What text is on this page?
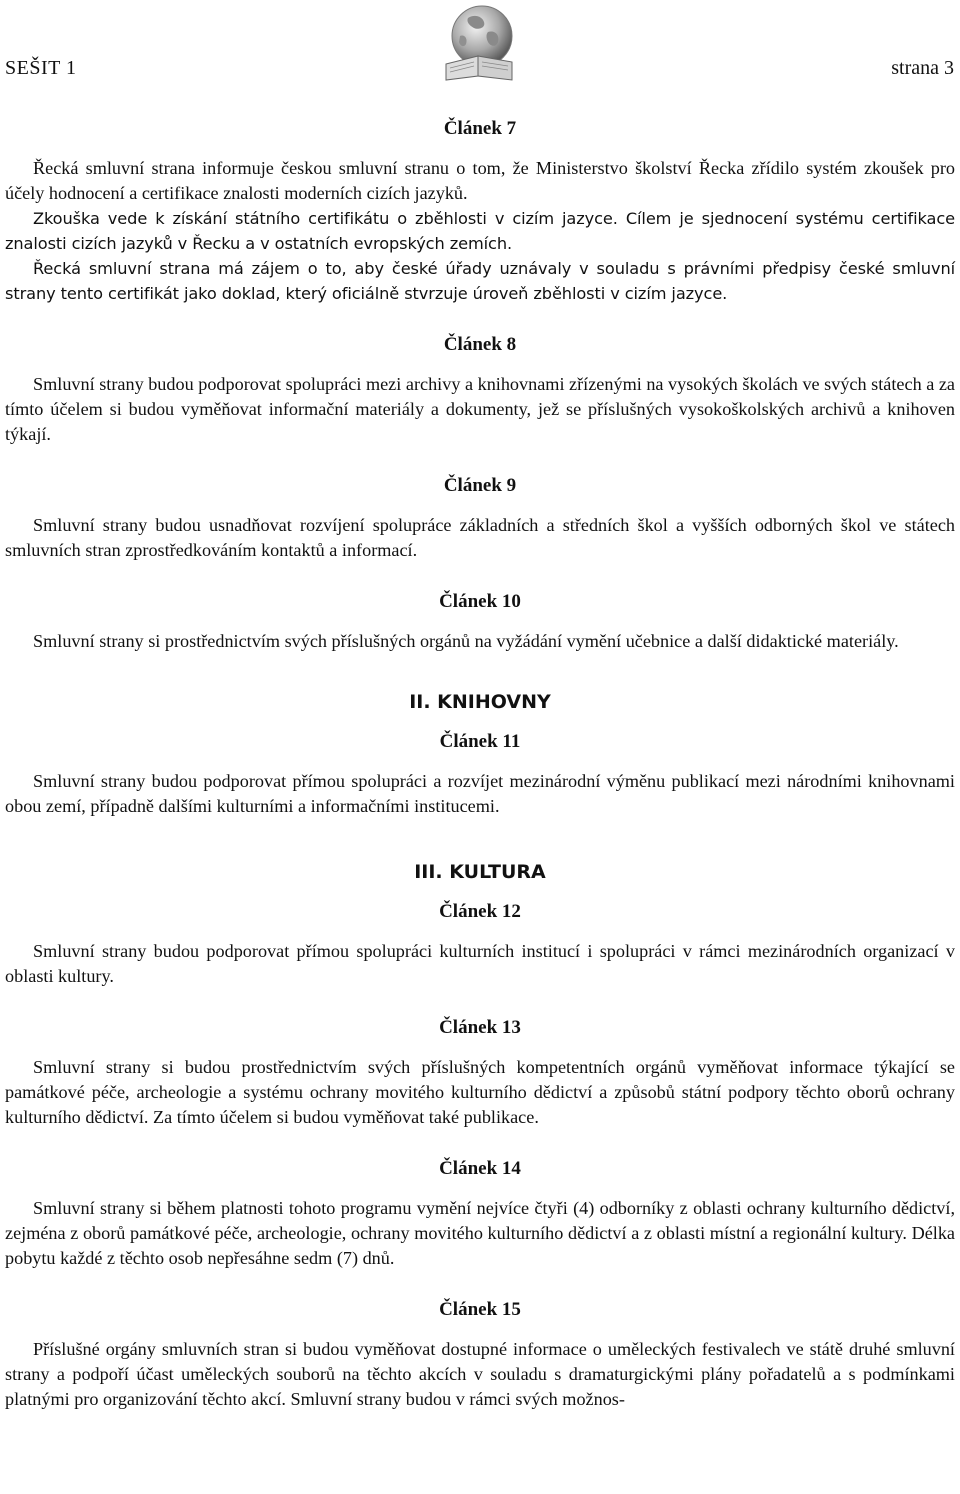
SEŠIT 1	strana 3
Článek 7

Řecká smluvní strana informuje českou smluvní stranu o tom, že Ministerstvo školství Řecka zřídilo systém zkoušek pro účely hodnocení a certifikace znalosti moderních cizích jazyků.

Zkouška vede k získání státního certifikátu o zběhlosti v cizím jazyce. Cílem je sjednocení systému certifikace znalosti cizích jazyků v Řecku a v ostatních evropských zemích.

Řecká smluvní strana má zájem o to, aby české úřady uznávaly v souladu s právními předpisy české smluvní strany tento certifikát jako doklad, který oficiálně stvrzuje úroveň zběhlosti v cizím jazyce.

Článek 8

Smluvní strany budou podporovat spolupráci mezi archivy a knihovnami zřízenými na vysokých školách ve svých státech a za tímto účelem si budou vyměňovat informační materiály a dokumenty, jež se příslušných vysokoškolských archivů a knihoven týkají.

Článek 9

Smluvní strany budou usnadňovat rozvíjení spolupráce základních a středních škol a vyšších odborných škol ve státech smluvních stran zprostředkováním kontaktů a informací.

Článek 10

Smluvní strany si prostřednictvím svých příslušných orgánů na vyžádání vymění učebnice a další didaktické materiály.

II. KNIHOVNY
Článek 11

Smluvní strany budou podporovat přímou spolupráci a rozvíjet mezinárodní výměnu publikací mezi národními knihovnami obou zemí, případně dalšími kulturními a informačními institucemi.

III. KULTURA
Článek 12

Smluvní strany budou podporovat přímou spolupráci kulturních institucí i spolupráci v rámci mezinárodních organizací v oblasti kultury.

Článek 13

Smluvní strany si budou prostřednictvím svých příslušných kompetentních orgánů vyměňovat informace týkající se památkové péče, archeologie a systému ochrany movitého kulturního dědictví a způsobů státní podpory těchto oborů ochrany kulturního dědictví. Za tímto účelem si budou vyměňovat také publikace.

Článek 14

Smluvní strany si během platnosti tohoto programu vymění nejvíce čtyři (4) odborníky z oblasti ochrany kulturního dědictví, zejména z oborů památkové péče, archeologie, ochrany movitého kulturního dědictví a z oblasti místní a regionální kultury. Délka pobytu každé z těchto osob nepřesáhne sedm (7) dnů.

Článek 15

Příslušné orgány smluvních stran si budou vyměňovat dostupné informace o uměleckých festivalech ve státě druhé smluvní strany a podpoří účast uměleckých souborů na těchto akcích v souladu s dramaturgickými plány pořadatelů a s podmínkami platnými pro organizování těchto akcí. Smluvní strany budou v rámci svých možnos-
